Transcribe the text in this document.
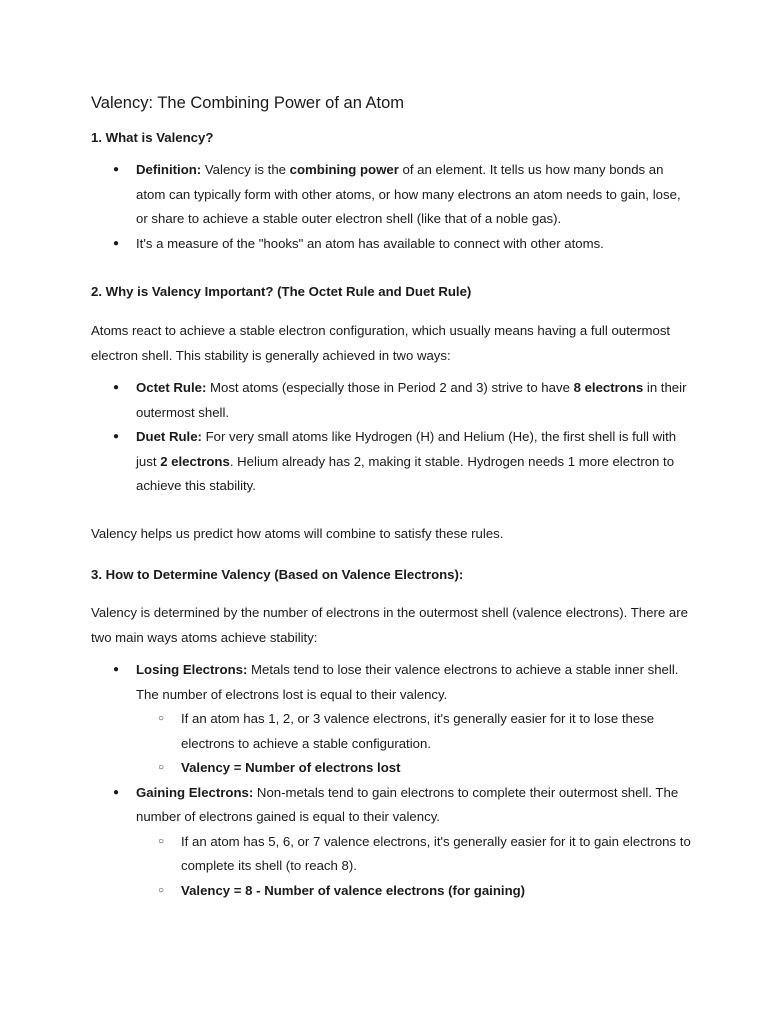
Valency: The Combining Power of an Atom
1. What is Valency?
● Definition: Valency is the combining power of an element. It tells us how many bonds an atom can typically form with other atoms, or how many electrons an atom needs to gain, lose, or share to achieve a stable outer electron shell (like that of a noble gas).
● It's a measure of the "hooks" an atom has available to connect with other atoms.
2. Why is Valency Important? (The Octet Rule and Duet Rule)

Atoms react to achieve a stable electron configuration, which usually means having a full outermost electron shell. This stability is generally achieved in two ways:

● Octet Rule: Most atoms (especially those in Period 2 and 3) strive to have 8 electrons in their outermost shell.
● Duet Rule: For very small atoms like Hydrogen (H) and Helium (He), the first shell is full with just 2 electrons. Helium already has 2, making it stable. Hydrogen needs 1 more electron to achieve this stability.

Valency helps us predict how atoms will combine to satisfy these rules.

3. How to Determine Valency (Based on Valence Electrons):

Valency is determined by the number of electrons in the outermost shell (valence electrons). There are two main ways atoms achieve stability:

● Losing Electrons: Metals tend to lose their valence electrons to achieve a stable inner shell. The number of electrons lost is equal to their valency.
○ If an atom has 1, 2, or 3 valence electrons, it's generally easier for it to lose these electrons to achieve a stable configuration.
○ Valency = Number of electrons lost
● Gaining Electrons: Non-metals tend to gain electrons to complete their outermost shell. The number of electrons gained is equal to their valency.
○ If an atom has 5, 6, or 7 valence electrons, it's generally easier for it to gain electrons to complete its shell (to reach 8).
○ Valency = 8 - Number of valence electrons (for gaining)
